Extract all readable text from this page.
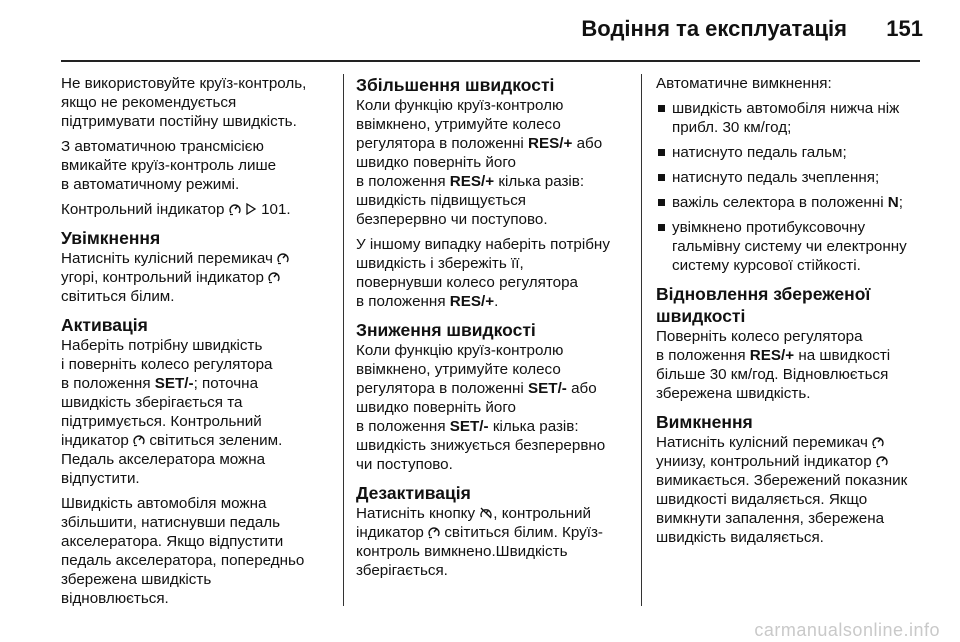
Водіння та експлуатація 151

Не використовуйте круїз-контроль,
якщо не рекомендується
підтримувати постійну швидкість.

З автоматичною трансмісією
вмикайте круїз-контроль лише
в автоматичному режимі.

Контрольний індикатор   101.

Увімкнення

Натисніть кулісний перемикач
угорі, контрольний індикатор
світиться білим.

Активація

Наберіть потрібну швидкість
і поверніть колесо регулятора
в положення SET/-; поточна
швидкість зберігається та
підтримується. Контрольний
індикатор  світиться зеленим.
Педаль акселератора можна
відпустити.

Швидкість автомобіля можна
збільшити, натиснувши педаль
акселератора. Якщо відпустити
педаль акселератора, попередньо
збережена швидкість
відновлюється.

Збільшення швидкості

Коли функцію круїз-контролю
ввімкнено, утримуйте колесо
регулятора в положенні RES/+ або
швидко поверніть його
в положення RES/+ кілька разів:
швидкість підвищується
безперервно чи поступово.

У іншому випадку наберіть потрібну
швидкість і збережіть її,
повернувши колесо регулятора
в положення RES/+.

Зниження швидкості

Коли функцію круїз-контролю
ввімкнено, утримуйте колесо
регулятора в положенні SET/- або
швидко поверніть його
в положення SET/- кілька разів:
швидкість знижується безперервно
чи поступово.

Дезактивація

Натисніть кнопку , контрольний
індикатор  світиться білим. Круїз-
контроль вимкнено.Швидкість
зберігається.

Автоматичне вимкнення:

швидкість автомобіля нижча ніж
прибл. 30 км/год;
натиснуто педаль гальм;
натиснуто педаль зчеплення;
важіль селектора в положенні N;
увімкнено протибуксовочну
гальмівну систему чи електронну
систему курсової стійкості.
Відновлення збереженої
швидкості

Поверніть колесо регулятора
в положення RES/+ на швидкості
більше 30 км/год. Відновлюється
збережена швидкість.

Вимкнення

Натисніть кулісний перемикач
униизу, контрольний індикатор
вимикається. Збережений показник
швидкості видаляється. Якщо
вимкнути запалення, збережена
швидкість видаляється.

carmanualsonline.info
